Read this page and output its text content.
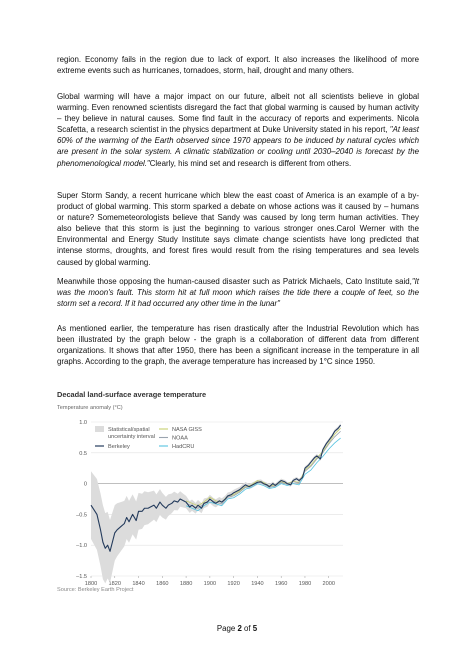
region. Economy fails in the region due to lack of export. It also increases the likelihood of more extreme events such as hurricanes, tornadoes, storm, hail, drought and many others.

Global warming will have a major impact on our future, albeit not all scientists believe in global warming. Even renowned scientists disregard the fact that global warming is caused by human activity – they believe in natural causes. Some find fault in the accuracy of reports and experiments. Nicola Scafetta, a research scientist in the physics department at Duke University stated in his report, "At least 60% of the warming of the Earth observed since 1970 appears to be induced by natural cycles which are present in the solar system. A climatic stabilization or cooling until 2030–2040 is forecast by the phenomenological model."Clearly, his mind set and research is different from others.

Super Storm Sandy, a recent hurricane which blew the east coast of America is an example of a by-product of global warming. This storm sparked a debate on whose actions was it caused by – humans or nature? Somemeteorologists believe that Sandy was caused by long term human activities. They also believe that this storm is just the beginning to various stronger ones.Carol Werner with the Environmental and Energy Study Institute says climate change scientists have long predicted that intense storms, droughts, and forest fires would result from the rising temperatures and sea levels caused by global warming.

Meanwhile those opposing the human-caused disaster such as Patrick Michaels, Cato Institute said,"It was the moon's fault. This storm hit at full moon which raises the tide there a couple of feet, so the storm set a record. If it had occurred any other time in the lunar"

As mentioned earlier, the temperature has risen drastically after the Industrial Revolution which has been illustrated by the graph below - the graph is a collaboration of different data from different organizations. It shows that after 1950, there has been a significant increase in the temperature in all graphs. According to the graph, the average temperature has increased by 1°C since 1950.

1.0
0.5
0
–0.5
–1.0
–1.5
1800 1820 1840 1860 1880 1900 1920 1940 1960 1980 2000
Statistical/spatial
uncertainty interval
Berkeley
NASA GISS
NOAA
HadCRU
Decadal land-surface average temperature
Temperature anomaly (°C)
Source: Berkeley Earth Project
Page 2 of 5
